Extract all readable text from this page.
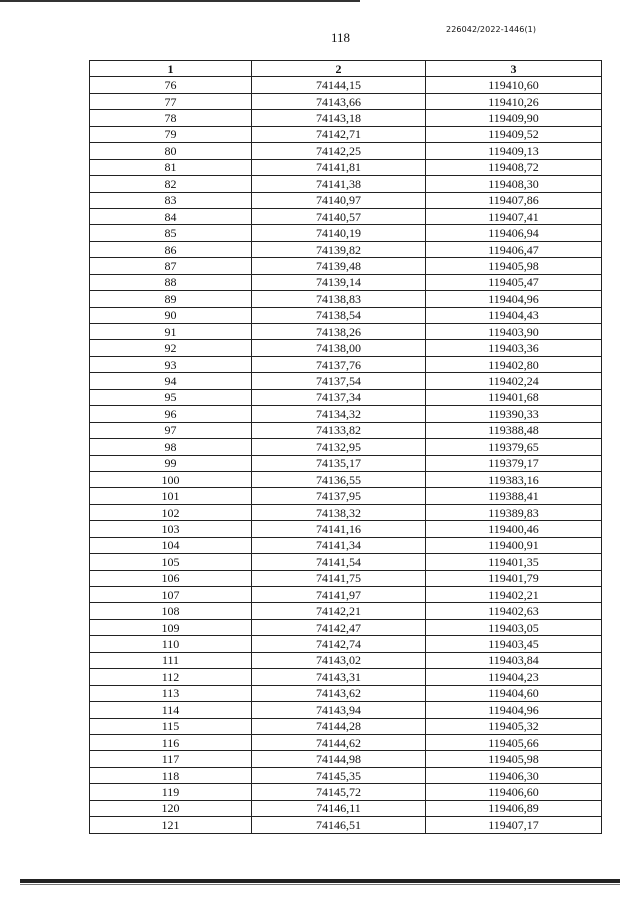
118
226042/2022-1446(1)
1	2	3
76	74144,15	119410,60
77	74143,66	119410,26
78	74143,18	119409,90
79	74142,71	119409,52
80	74142,25	119409,13
81	74141,81	119408,72
82	74141,38	119408,30
83	74140,97	119407,86
84	74140,57	119407,41
85	74140,19	119406,94
86	74139,82	119406,47
87	74139,48	119405,98
88	74139,14	119405,47
89	74138,83	119404,96
90	74138,54	119404,43
91	74138,26	119403,90
92	74138,00	119403,36
93	74137,76	119402,80
94	74137,54	119402,24
95	74137,34	119401,68
96	74134,32	119390,33
97	74133,82	119388,48
98	74132,95	119379,65
99	74135,17	119379,17
100	74136,55	119383,16
101	74137,95	119388,41
102	74138,32	119389,83
103	74141,16	119400,46
104	74141,34	119400,91
105	74141,54	119401,35
106	74141,75	119401,79
107	74141,97	119402,21
108	74142,21	119402,63
109	74142,47	119403,05
110	74142,74	119403,45
111	74143,02	119403,84
112	74143,31	119404,23
113	74143,62	119404,60
114	74143,94	119404,96
115	74144,28	119405,32
116	74144,62	119405,66
117	74144,98	119405,98
118	74145,35	119406,30
119	74145,72	119406,60
120	74146,11	119406,89
121	74146,51	119407,17
